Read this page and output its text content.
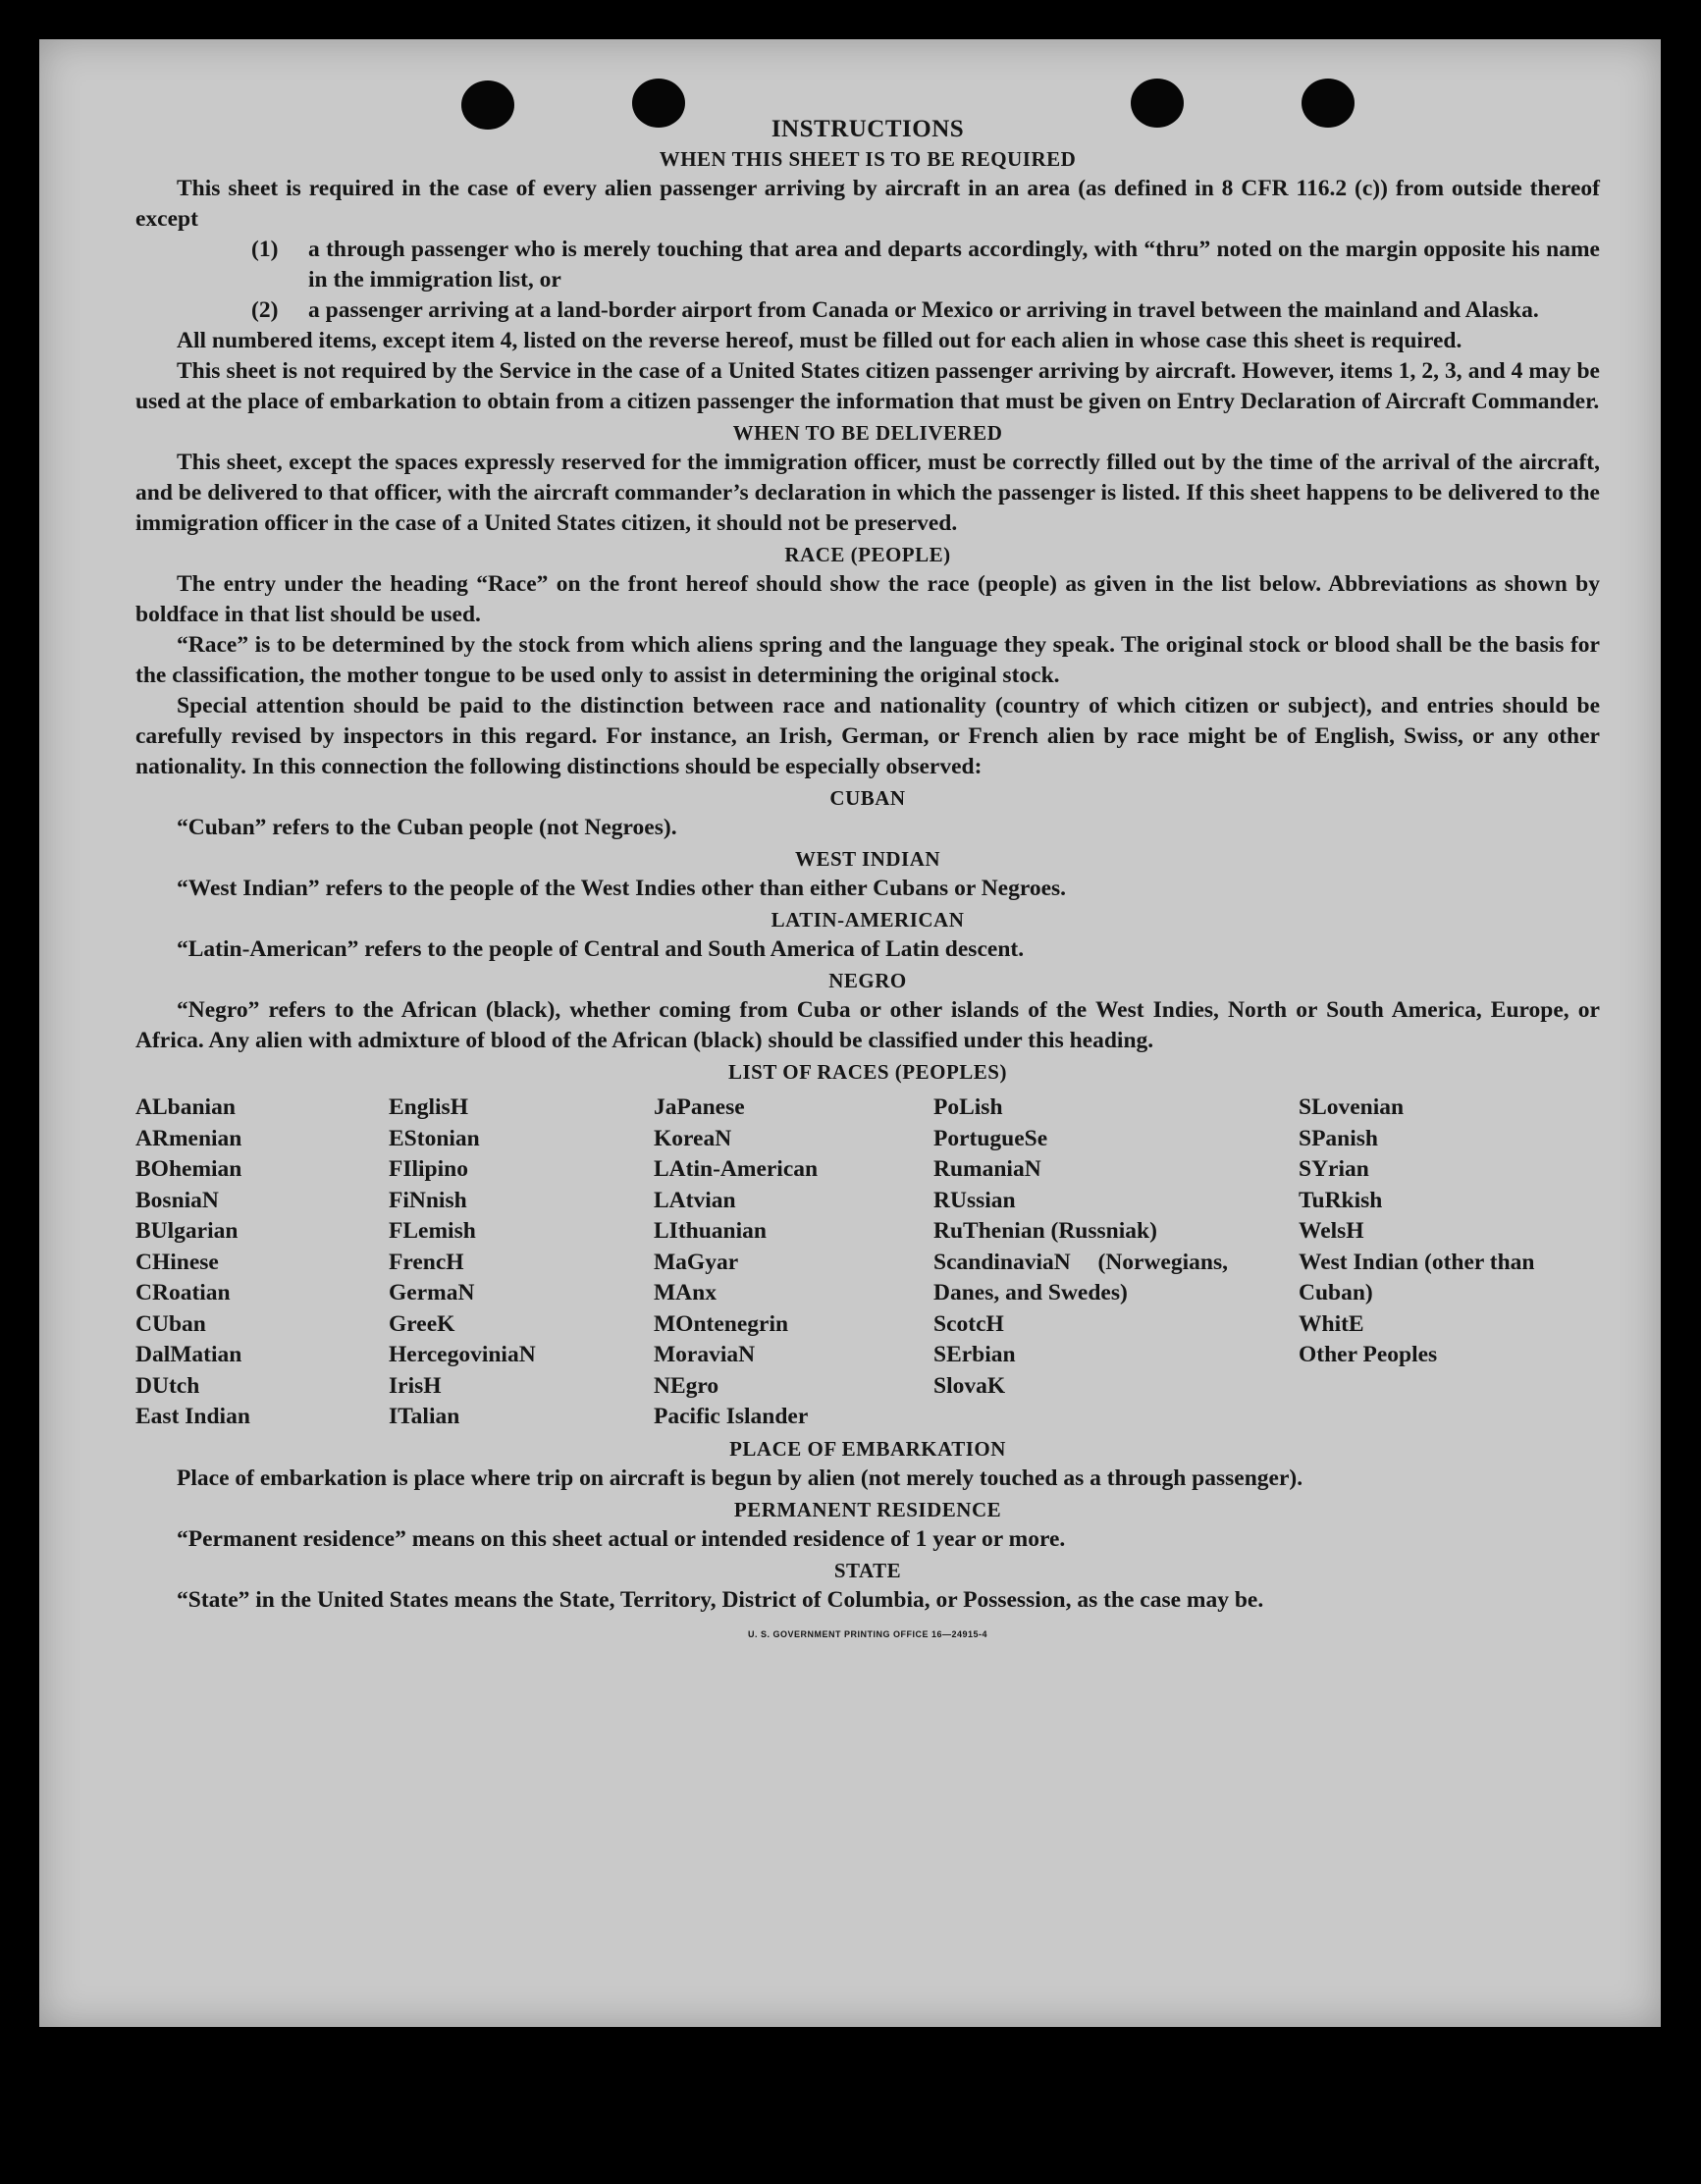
INSTRUCTIONS
WHEN THIS SHEET IS TO BE REQUIRED

This sheet is required in the case of every alien passenger arriving by aircraft in an area (as defined in 8 CFR 116.2 (c)) from outside thereof except

(1)	a through passenger who is merely touching that area and departs accordingly, with “thru” noted on the margin opposite his name in the immigration list, or
(2)	a passenger arriving at a land-border airport from Canada or Mexico or arriving in travel between the mainland and Alaska.

All numbered items, except item 4, listed on the reverse hereof, must be filled out for each alien in whose case this sheet is required.

This sheet is not required by the Service in the case of a United States citizen passenger arriving by aircraft. However, items 1, 2, 3, and 4 may be used at the place of embarkation to obtain from a citizen passenger the information that must be given on Entry Declaration of Aircraft Commander.

WHEN TO BE DELIVERED

This sheet, except the spaces expressly reserved for the immigration officer, must be correctly filled out by the time of the arrival of the aircraft, and be delivered to that officer, with the aircraft commander’s declaration in which the passenger is listed. If this sheet happens to be delivered to the immigration officer in the case of a United States citizen, it should not be preserved.

RACE (PEOPLE)

The entry under the heading “Race” on the front hereof should show the race (people) as given in the list below. Abbreviations as shown by boldface in that list should be used.

“Race” is to be determined by the stock from which aliens spring and the language they speak. The original stock or blood shall be the basis for the classification, the mother tongue to be used only to assist in determining the original stock.

Special attention should be paid to the distinction between race and nationality (country of which citizen or subject), and entries should be carefully revised by inspectors in this regard. For instance, an Irish, German, or French alien by race might be of English, Swiss, or any other nationality. In this connection the following distinctions should be especially observed:

CUBAN
“Cuban” refers to the Cuban people (not Negroes).
WEST INDIAN
“West Indian” refers to the people of the West Indies other than either Cubans or Negroes.
LATIN-AMERICAN
“Latin-American” refers to the people of Central and South America of Latin descent.
NEGRO

“Negro” refers to the African (black), whether coming from Cuba or other islands of the West Indies, North or South America, Europe, or Africa. Any alien with admixture of blood of the African (black) should be classified under this heading.

LIST OF RACES (PEOPLES)
ALbanian
ARmenian
BOhemian
BosniaN
BUlgarian
CHinese
CRoatian
CUban
DalMatian
DUtch
East Indian
EnglisH
EStonian
FIlipino
FiNnish
FLemish
FrencH
GermaN
GreeK
HercegoviniaN
IrisH
ITalian
JaPanese
KoreaN
LAtin-American
LAtvian
LIthuanian
MaGyar
MAnx
MOntenegrin
MoraviaN
NEgro
Pacific Islander
PoLish
PortugueSe
RumaniaN
RUssian
RuThenian (Russniak)
ScandinaviaN (Norwegians, Danes, and Swedes)
ScotcH
SErbian
SlovaK
SLovenian
SPanish
SYrian
TuRkish
WelsH
West Indian (other than Cuban)
WhitE
Other Peoples
PLACE OF EMBARKATION

Place of embarkation is place where trip on aircraft is begun by alien (not merely touched as a through passenger).

PERMANENT RESIDENCE
“Permanent residence” means on this sheet actual or intended residence of 1 year or more.
STATE

“State” in the United States means the State, Territory, District of Columbia, or Possession, as the case may be.

U. S. GOVERNMENT PRINTING OFFICE 16—24915-4
